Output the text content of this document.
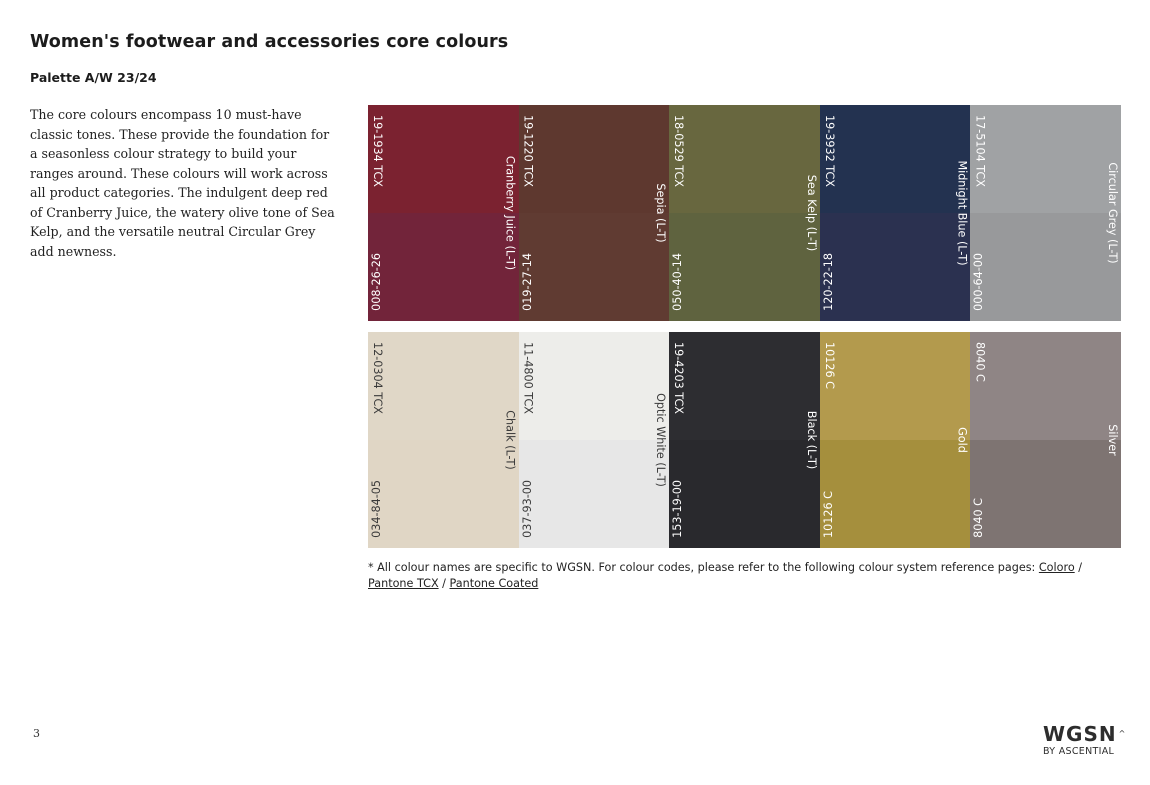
Women's footwear and accessories core colours
Palette A/W 23/24
The core colours encompass 10 must-have classic tones. These provide the foundation for a seasonless colour strategy to build your ranges around. These colours will work across all product categories. The indulgent deep red of Cranberry Juice, the watery olive tone of Sea Kelp, and the versatile neutral Circular Grey add newness.
19-1934 TCX
008-26-26
Cranberry Juice (L-T)
19-1220 TCX
019-27-14
Sepia (L-T)
18-0529 TCX
050-40-14
Sea Kelp (L-T)
19-3932 TCX
120-22-18
Midnight Blue (L-T)
17-5104 TCX
000-64-00
Circular Grey (L-T)
12-0304 TCX
034-84-05
Chalk (L-T)
11-4800 TCX
037-93-00
Optic White (L-T)
19-4203 TCX
153-19-00
Black (L-T)
10126 C
10126 C
Gold
8040 C
8040 C
Silver
* All colour names are specific to WGSN. For colour codes, please refer to the following colour system reference pages: Coloro / Pantone TCX / Pantone Coated
3	WGSN ^
BY ASCENTIAL
